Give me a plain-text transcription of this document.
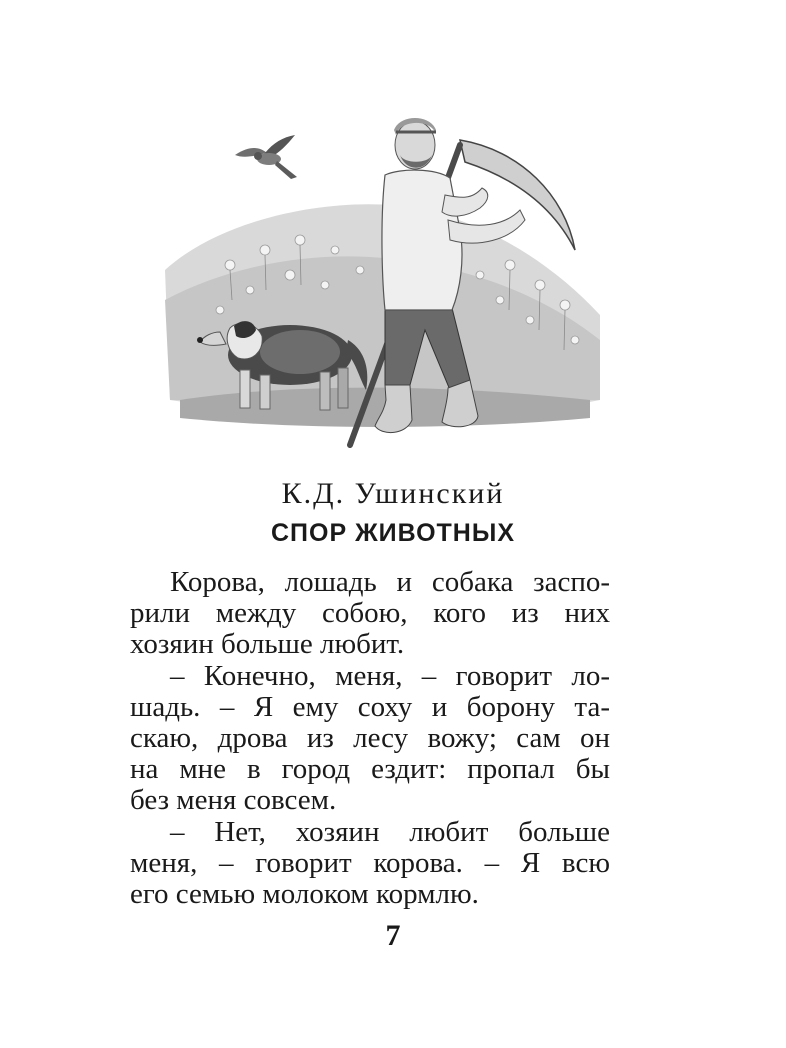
К.Д. Ушинский
СПОР ЖИВОТНЫХ
Корова, лошадь и собака заспо-
рили между собою, кого из них
хозяин больше любит.
– Конечно, меня, – говорит ло-
шадь. – Я ему соху и борону та-
скаю, дрова из лесу вожу; сам он
на мне в город ездит: пропал бы
без меня совсем.
– Нет, хозяин любит больше
меня, – говорит корова. – Я всю
его семью молоком кормлю.
7
